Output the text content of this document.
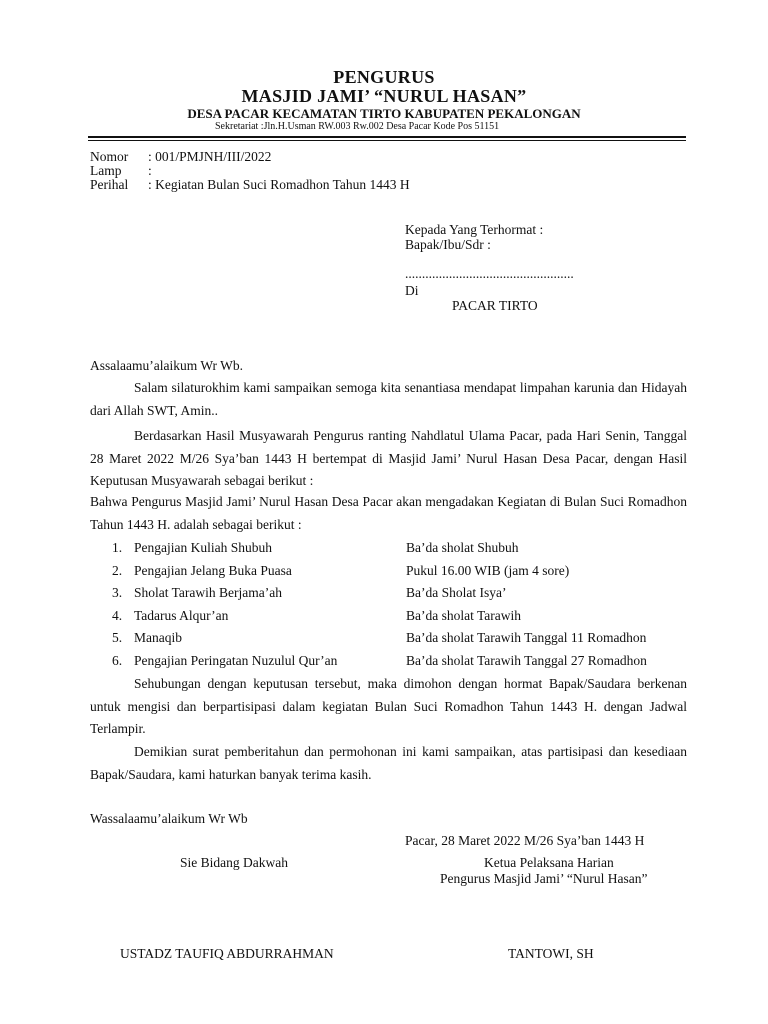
PENGURUS
MASJID JAMI’ “NURUL HASAN”
DESA PACAR KECAMATAN TIRTO KABUPATEN PEKALONGAN
Sekretariat :Jln.H.Usman RW.003 Rw.002 Desa Pacar Kode Pos 51151
Nomor : 001/PMJNH/III/2022
Lamp :
Perihal : Kegiatan Bulan Suci Romadhon Tahun 1443 H
Kepada Yang Terhormat :
Bapak/Ibu/Sdr :
..................................................
Di
PACAR TIRTO
Assalaamu’alaikum Wr Wb.

Salam silaturokhim kami sampaikan semoga kita senantiasa mendapat limpahan karunia dan Hidayah dari Allah SWT, Amin..

Berdasarkan Hasil Musyawarah Pengurus ranting Nahdlatul Ulama Pacar, pada Hari Senin, Tanggal 28 Maret 2022 M/26 Sya’ban 1443 H bertempat di Masjid Jami’ Nurul Hasan Desa Pacar, dengan Hasil Keputusan Musyawarah sebagai berikut :

Bahwa Pengurus Masjid Jami’ Nurul Hasan Desa Pacar akan mengadakan Kegiatan di Bulan Suci Romadhon Tahun 1443 H. adalah sebagai berikut :

1. Pengajian Kuliah Shubuh	Ba’da sholat Shubuh
2. Pengajian Jelang Buka Puasa	Pukul 16.00 WIB (jam 4 sore)
3. Sholat Tarawih Berjama’ah	Ba’da Sholat Isya’
4. Tadarus Alqur’an	Ba’da sholat Tarawih
5. Manaqib	Ba’da sholat Tarawih Tanggal 11 Romadhon
6. Pengajian Peringatan Nuzulul Qur’an	Ba’da sholat Tarawih Tanggal 27 Romadhon

Sehubungan dengan keputusan tersebut, maka dimohon dengan hormat Bapak/Saudara berkenan untuk mengisi dan berpartisipasi dalam kegiatan Bulan Suci Romadhon Tahun 1443 H. dengan Jadwal Terlampir.

Demikian surat pemberitahun dan permohonan ini kami sampaikan, atas partisipasi dan kesediaan Bapak/Saudara, kami haturkan banyak terima kasih.

Wassalaamu’alaikum Wr Wb
Pacar, 28 Maret 2022 M/26 Sya’ban 1443 H
Sie Bidang Dakwah	Ketua Pelaksana Harian
Pengurus Masjid Jami’ “Nurul Hasan”
USTADZ TAUFIQ ABDURRAHMAN	TANTOWI, SH
